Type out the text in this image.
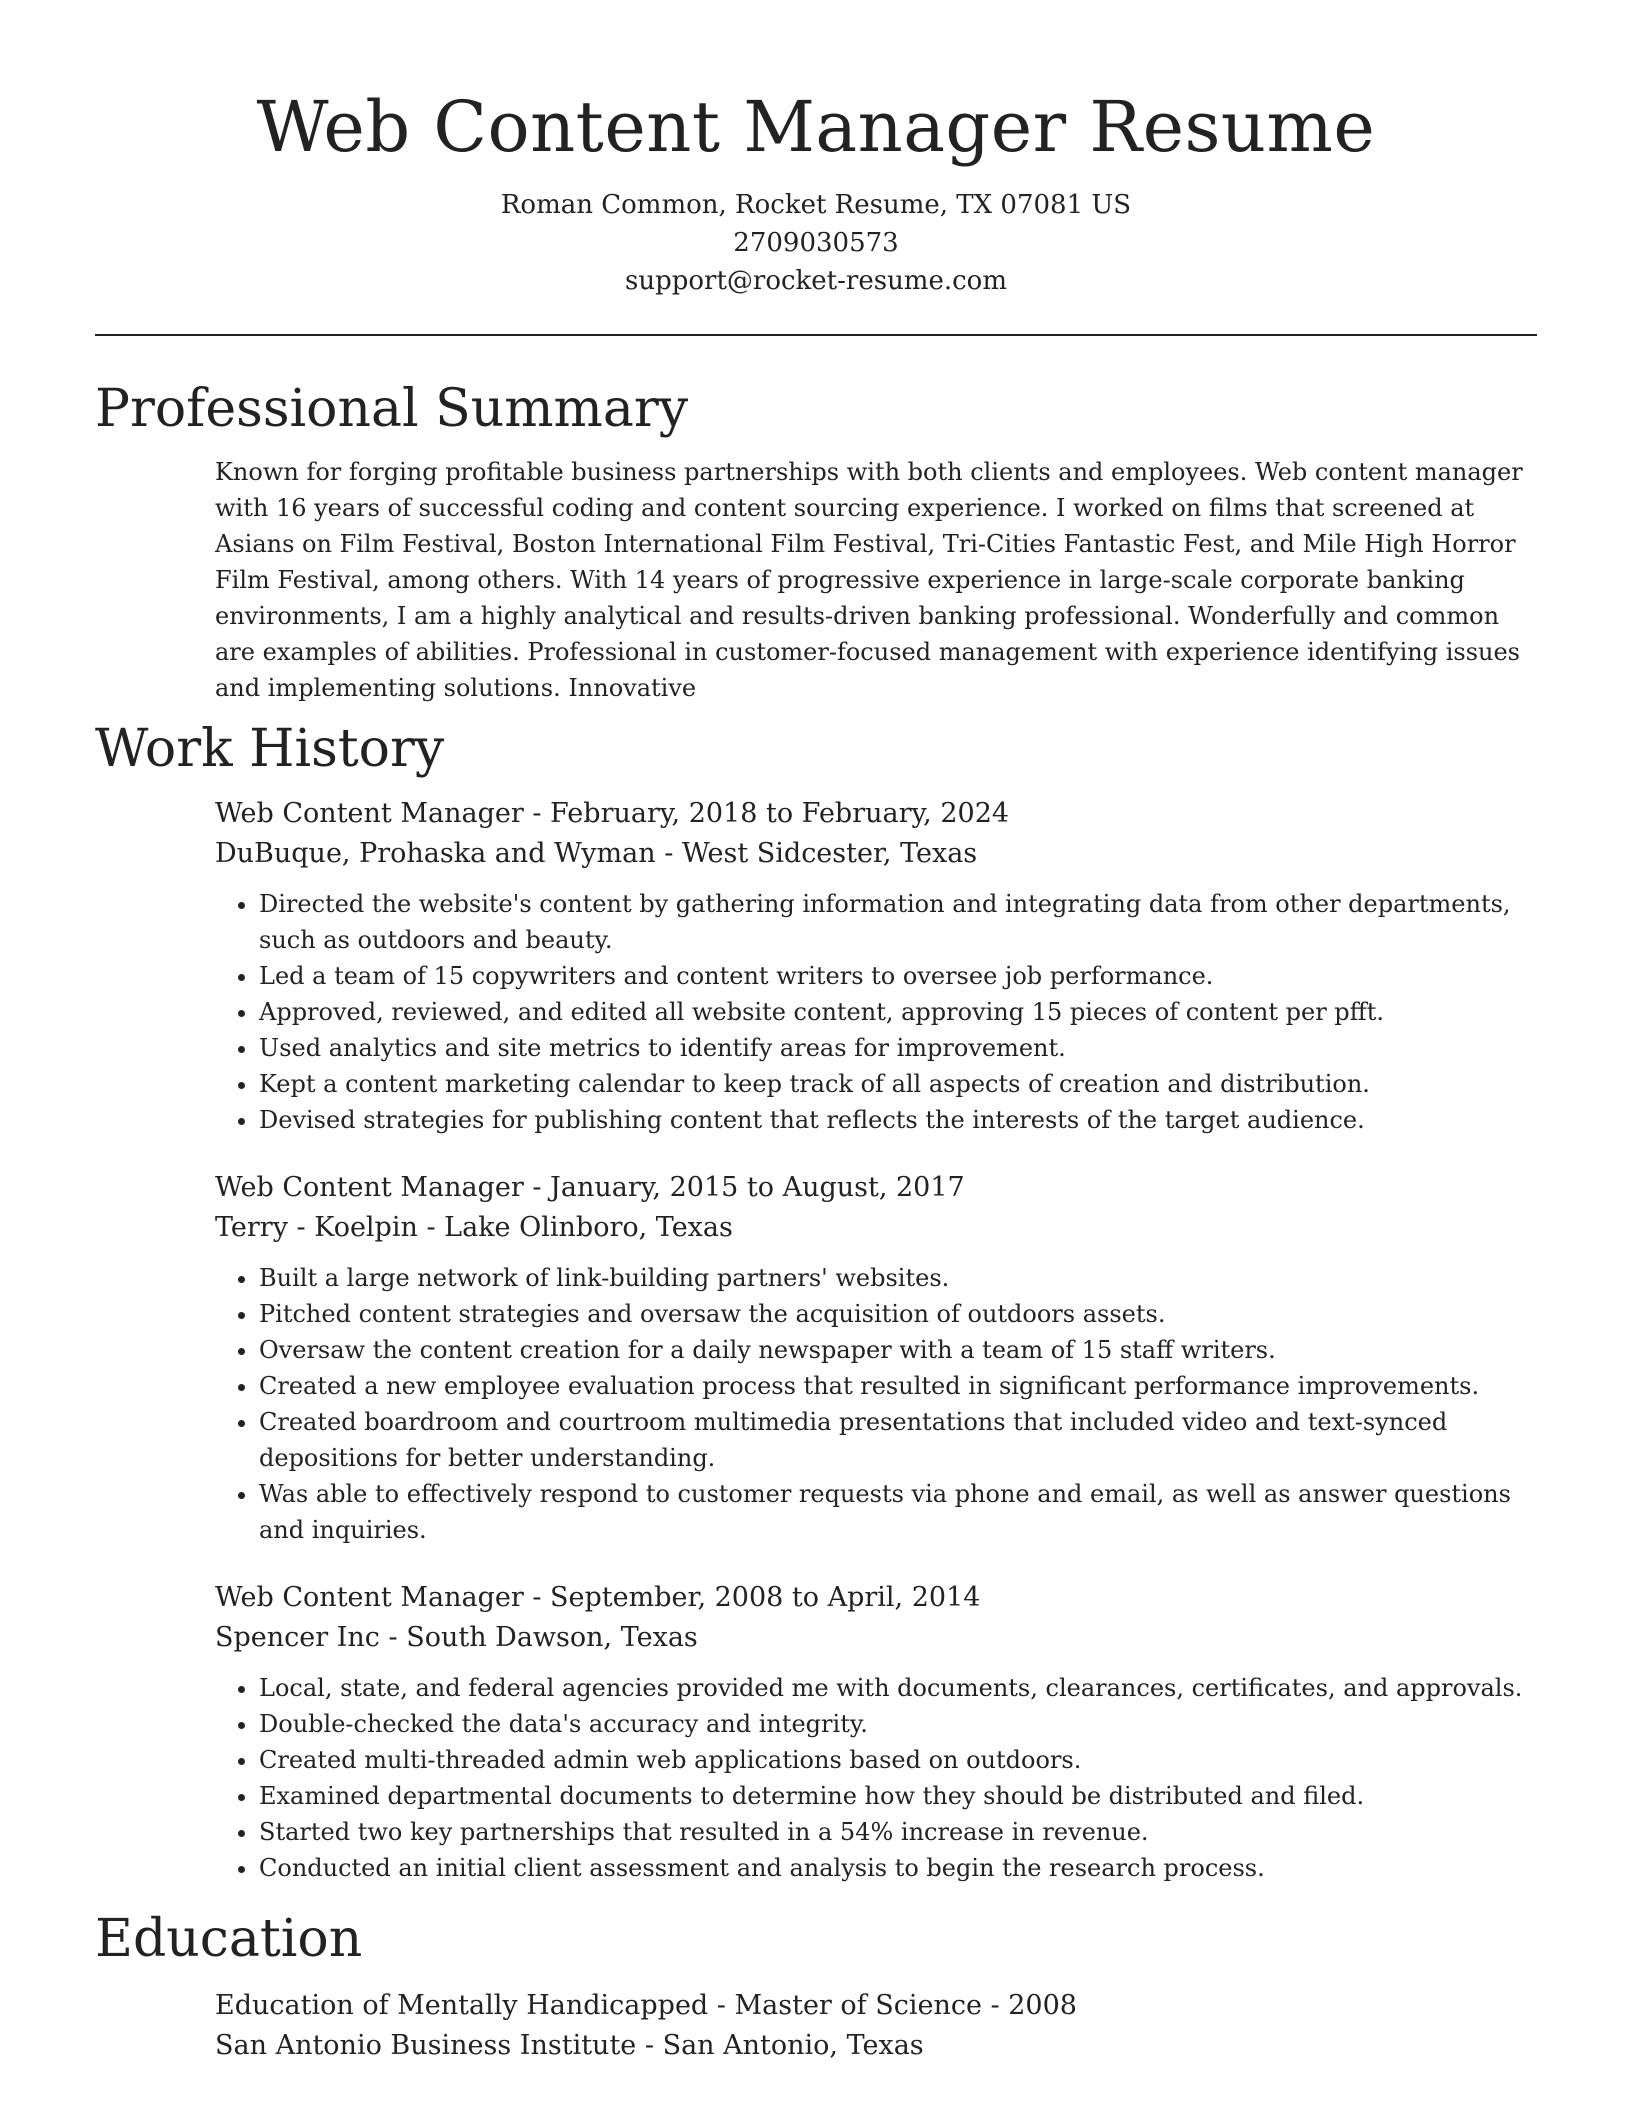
Web Content Manager Resume
Roman Common, Rocket Resume, TX 07081 US
2709030573
support@rocket-resume.com
Professional Summary
Known for forging profitable business partnerships with both clients and employees. Web content manager with 16 years of successful coding and content sourcing experience. I worked on films that screened at Asians on Film Festival, Boston International Film Festival, Tri-Cities Fantastic Fest, and Mile High Horror Film Festival, among others. With 14 years of progressive experience in large-scale corporate banking environments, I am a highly analytical and results-driven banking professional. Wonderfully and common are examples of abilities. Professional in customer-focused management with experience identifying issues and implementing solutions. Innovative
Work History
Web Content Manager - February, 2018 to February, 2024
DuBuque, Prohaska and Wyman - West Sidcester, Texas
• Directed the website's content by gathering information and integrating data from other departments, such as outdoors and beauty.
• Led a team of 15 copywriters and content writers to oversee job performance.
• Approved, reviewed, and edited all website content, approving 15 pieces of content per pfft.
• Used analytics and site metrics to identify areas for improvement.
• Kept a content marketing calendar to keep track of all aspects of creation and distribution.
• Devised strategies for publishing content that reflects the interests of the target audience.
Web Content Manager - January, 2015 to August, 2017
Terry - Koelpin - Lake Olinboro, Texas
• Built a large network of link-building partners' websites.
• Pitched content strategies and oversaw the acquisition of outdoors assets.
• Oversaw the content creation for a daily newspaper with a team of 15 staff writers.
• Created a new employee evaluation process that resulted in significant performance improvements.
• Created boardroom and courtroom multimedia presentations that included video and text-synced depositions for better understanding.
• Was able to effectively respond to customer requests via phone and email, as well as answer questions and inquiries.
Web Content Manager - September, 2008 to April, 2014
Spencer Inc - South Dawson, Texas
• Local, state, and federal agencies provided me with documents, clearances, certificates, and approvals.
• Double-checked the data's accuracy and integrity.
• Created multi-threaded admin web applications based on outdoors.
• Examined departmental documents to determine how they should be distributed and filed.
• Started two key partnerships that resulted in a 54% increase in revenue.
• Conducted an initial client assessment and analysis to begin the research process.
Education
Education of Mentally Handicapped - Master of Science - 2008
San Antonio Business Institute - San Antonio, Texas
